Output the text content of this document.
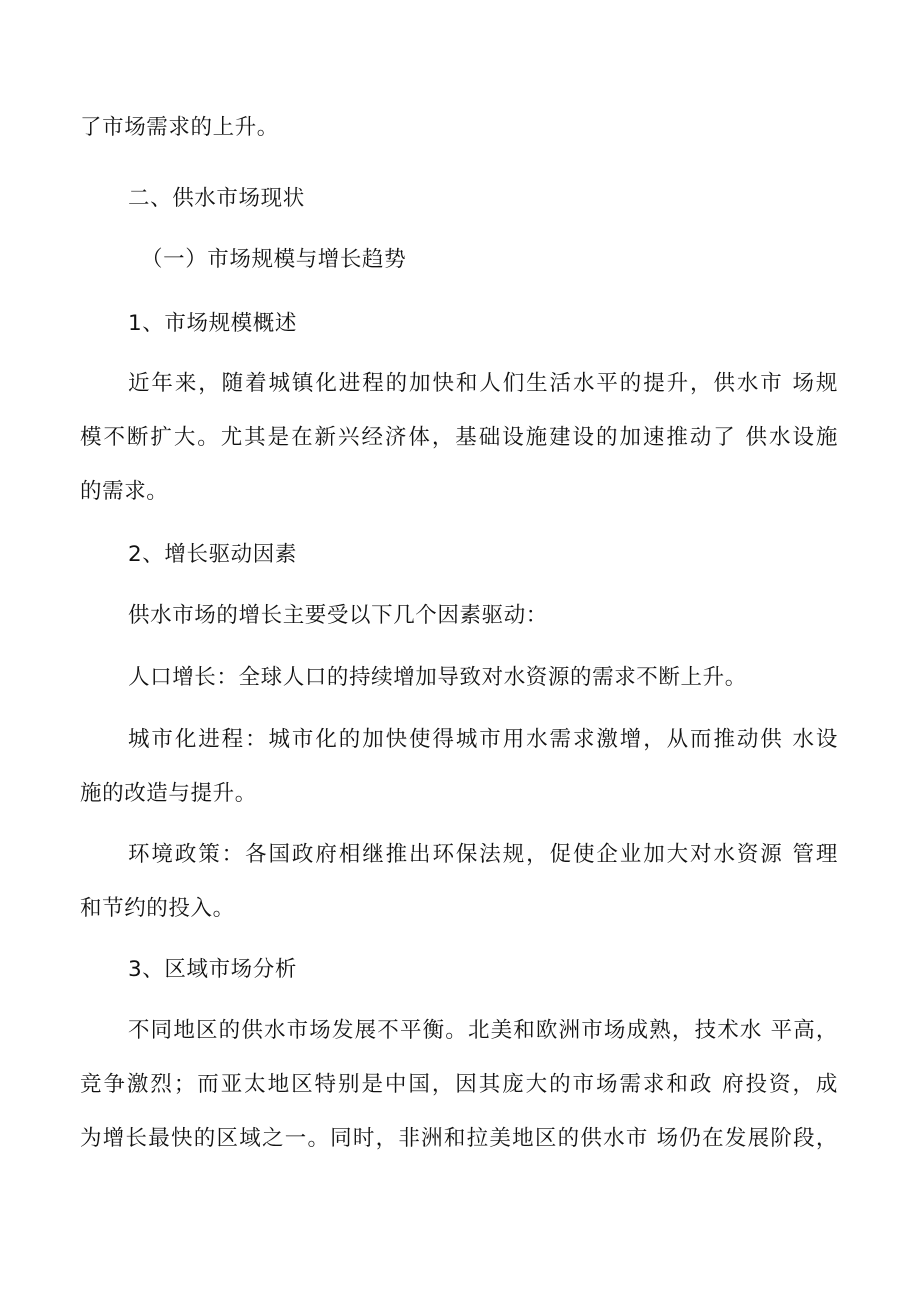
了市场需求的上升。

二、供水市场现状

（一）市场规模与增长趋势

1、市场规模概述

近年来，随着城镇化进程的加快和人们生活水平的提升，供水市 场规

模不断扩大。尤其是在新兴经济体，基础设施建设的加速推动了 供水设施

的需求。

2、增长驱动因素

供水市场的增长主要受以下几个因素驱动：

人口增长：全球人口的持续增加导致对水资源的需求不断上升。

城市化进程：城市化的加快使得城市用水需求激增，从而推动供 水设

施的改造与提升。

环境政策：各国政府相继推出环保法规，促使企业加大对水资源 管理

和节约的投入。

3、区域市场分析

不同地区的供水市场发展不平衡。北美和欧洲市场成熟，技术水 平高，

竞争激烈；而亚太地区特别是中国，因其庞大的市场需求和政 府投资，成

为增长最快的区域之一。同时，非洲和拉美地区的供水市 场仍在发展阶段，
